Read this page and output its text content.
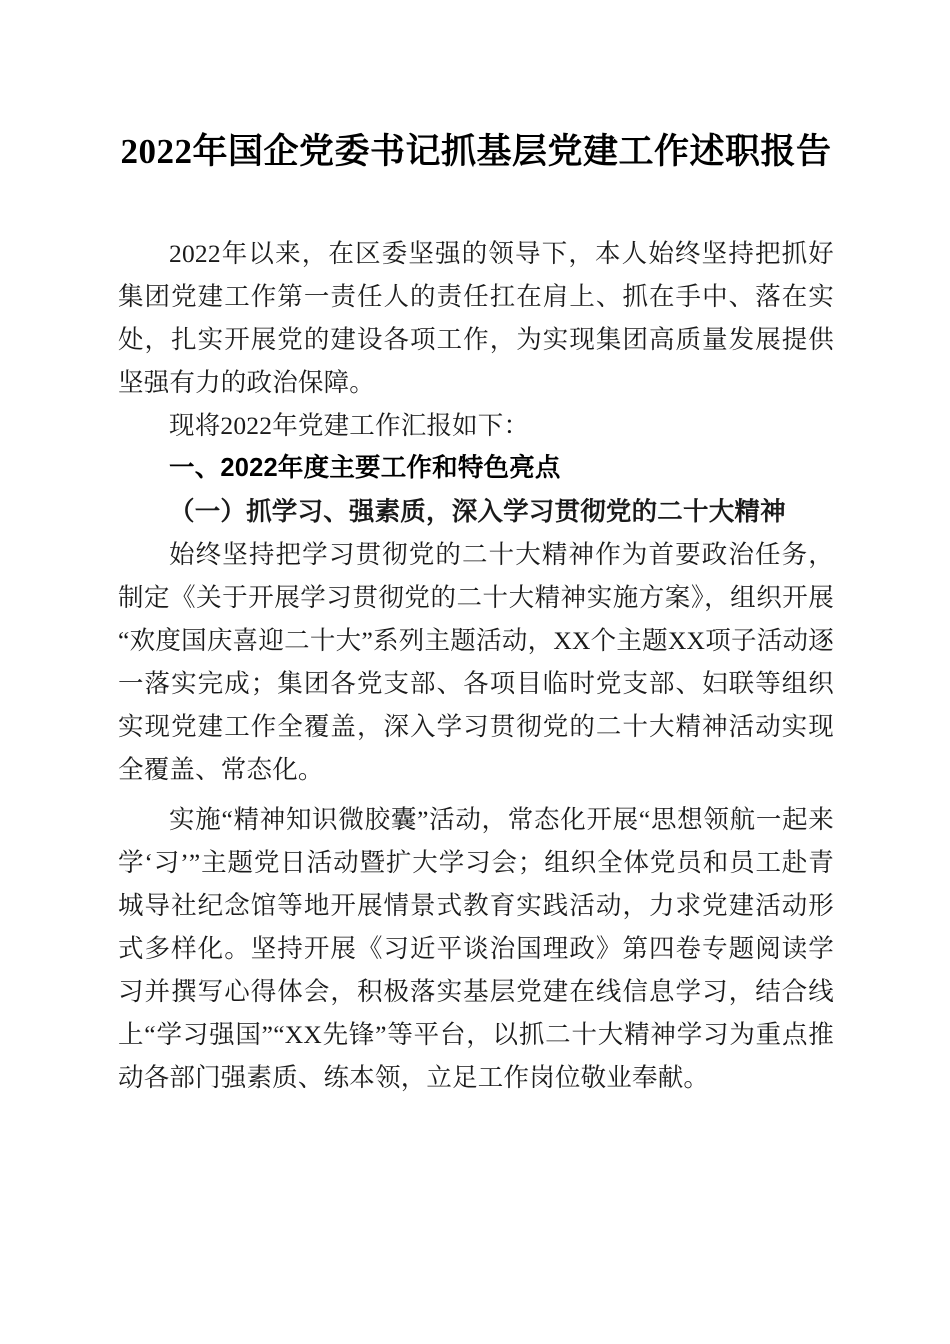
2022年国企党委书记抓基层党建工作述职报告

2022年以来，在区委坚强的领导下，本人始终坚持把抓好集团党建工作第一责任人的责任扛在肩上、抓在手中、落在实处，扎实开展党的建设各项工作，为实现集团高质量发展提供坚强有力的政治保障。

现将2022年党建工作汇报如下：

一、2022年度主要工作和特色亮点
（一）抓学习、强素质，深入学习贯彻党的二十大精神

始终坚持把学习贯彻党的二十大精神作为首要政治任务，制定《关于开展学习贯彻党的二十大精神实施方案》，组织开展“欢度国庆喜迎二十大”系列主题活动，XX个主题XX项子活动逐一落实完成；集团各党支部、各项目临时党支部、妇联等组织实现党建工作全覆盖，深入学习贯彻党的二十大精神活动实现全覆盖、常态化。

实施“精神知识微胶囊”活动，常态化开展“思想领航一起来学‘习’”主题党日活动暨扩大学习会；组织全体党员和员工赴青城导社纪念馆等地开展情景式教育实践活动，力求党建活动形式多样化。坚持开展《习近平谈治国理政》第四卷专题阅读学习并撰写心得体会，积极落实基层党建在线信息学习，结合线上“学习强国”“XX先锋”等平台，以抓二十大精神学习为重点推动各部门强素质、练本领，立足工作岗位敬业奉献。
